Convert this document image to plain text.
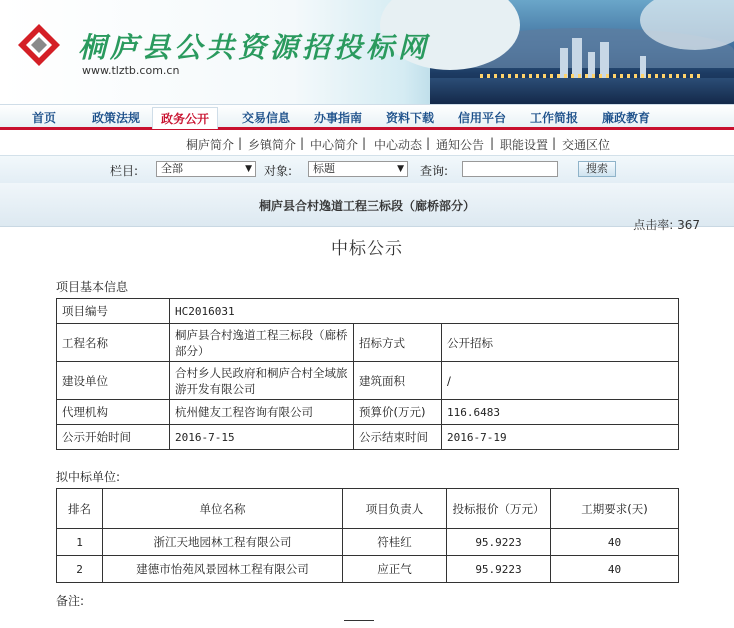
桐庐县公共资源招投标网
www.tlztb.com.cn
首页	政策法规	政务公开	交易信息 办事指南 资料下载 信用平台 工作简报 廉政教育
桐庐简介 | 乡镇简介 | 中心简介 | 中心动态 | 通知公告 | 职能设置 | 交通区位
栏目:	全部	▼ 对象:	标题	▼ 查询:	搜索
桐庐县合村逸道工程三标段（廊桥部分）
点击率: 367
中标公示
项目基本信息
项目编号	HC2016031		
工程名称	桐庐县合村逸道工程三标段（廊桥部分）	招标方式	公开招标
建设单位	合村乡人民政府和桐庐合村全域旅游开发有限公司	建筑面积	/
代理机构	杭州健友工程咨询有限公司	预算价(万元)	116.6483
公示开始时间	2016-7-15	公示结束时间	2016-7-19
拟中标单位:
排名	单位名称	项目负责人	投标报价（万元）	工期要求(天)
1	浙江天地园林工程有限公司	符桂红	95.9223	40
2	建德市怡苑风景园林工程有限公司	应正气	95.9223	40
备注:
